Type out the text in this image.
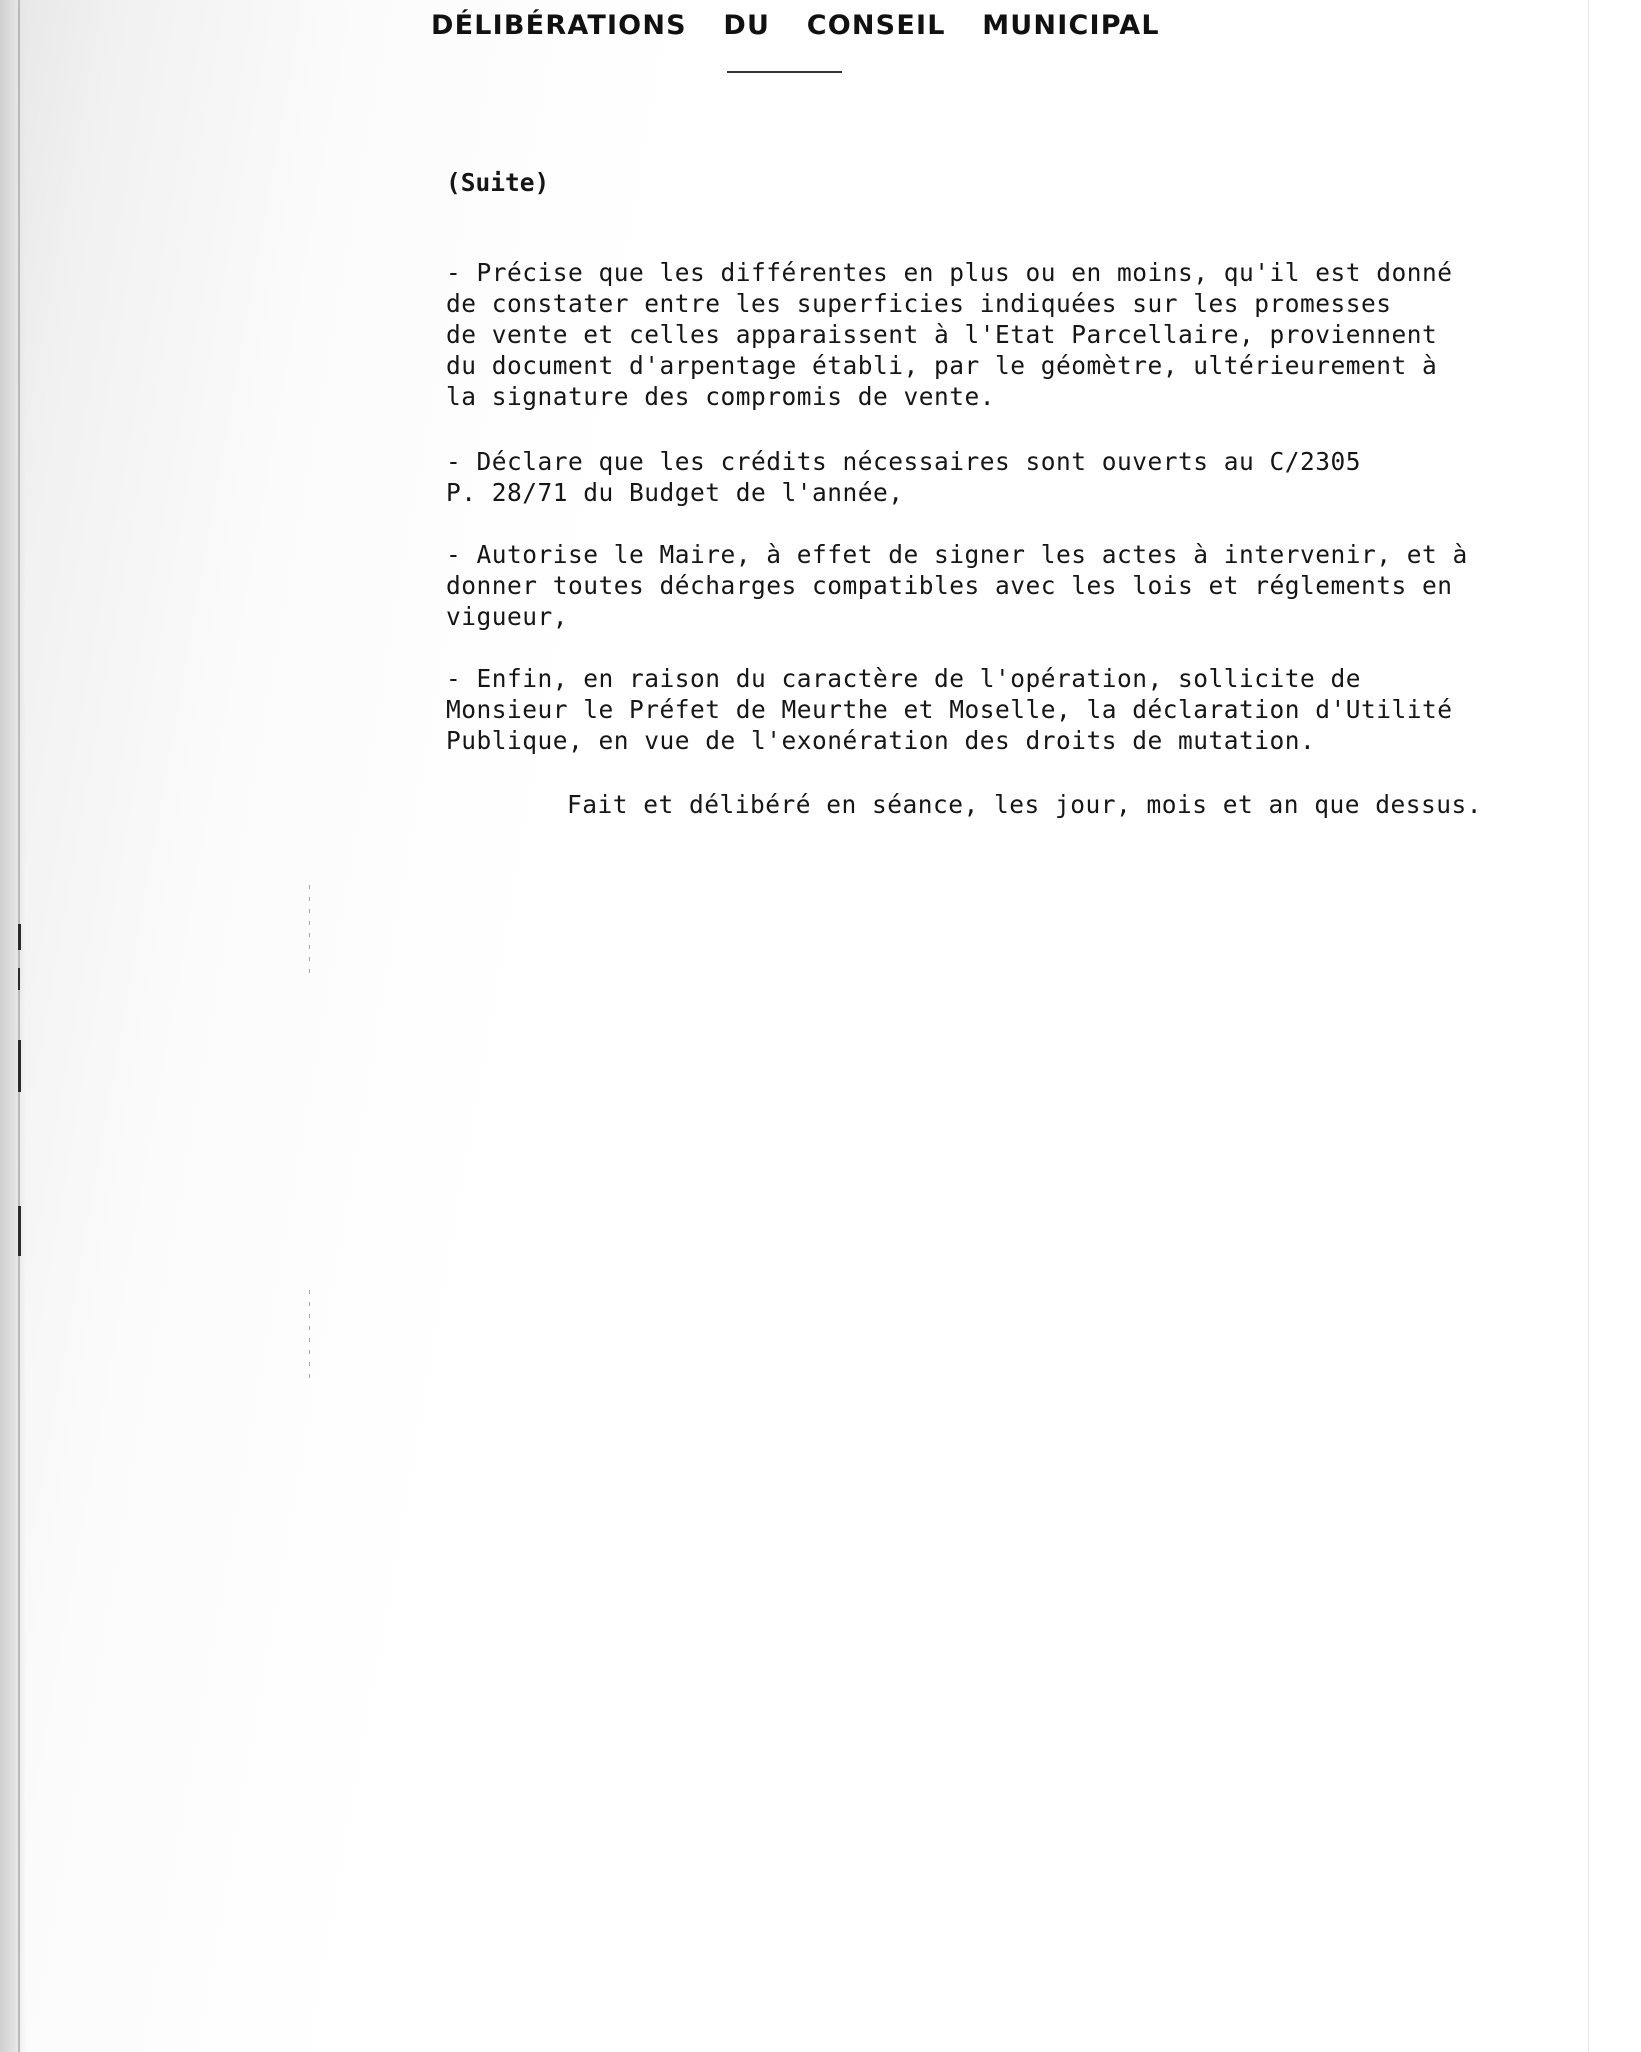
DÉLIBÉRATIONS DU CONSEIL MUNICIPAL
(Suite)
- Précise que les différentes en plus ou en moins, qu'il est donné
de constater entre les superficies indiquées sur les promesses
de vente et celles apparaissent à l'Etat Parcellaire, proviennent
du document d'arpentage établi, par le géomètre, ultérieurement à
la signature des compromis de vente.
- Déclare que les crédits nécessaires sont ouverts au C/2305
P. 28/71 du Budget de l'année,
- Autorise le Maire, à effet de signer les actes à intervenir, et à
donner toutes décharges compatibles avec les lois et réglements en
vigueur,
- Enfin, en raison du caractère de l'opération, sollicite de
Monsieur le Préfet de Meurthe et Moselle, la déclaration d'Utilité
Publique, en vue de l'exonération des droits de mutation.
Fait et délibéré en séance, les jour, mois et an que dessus.
